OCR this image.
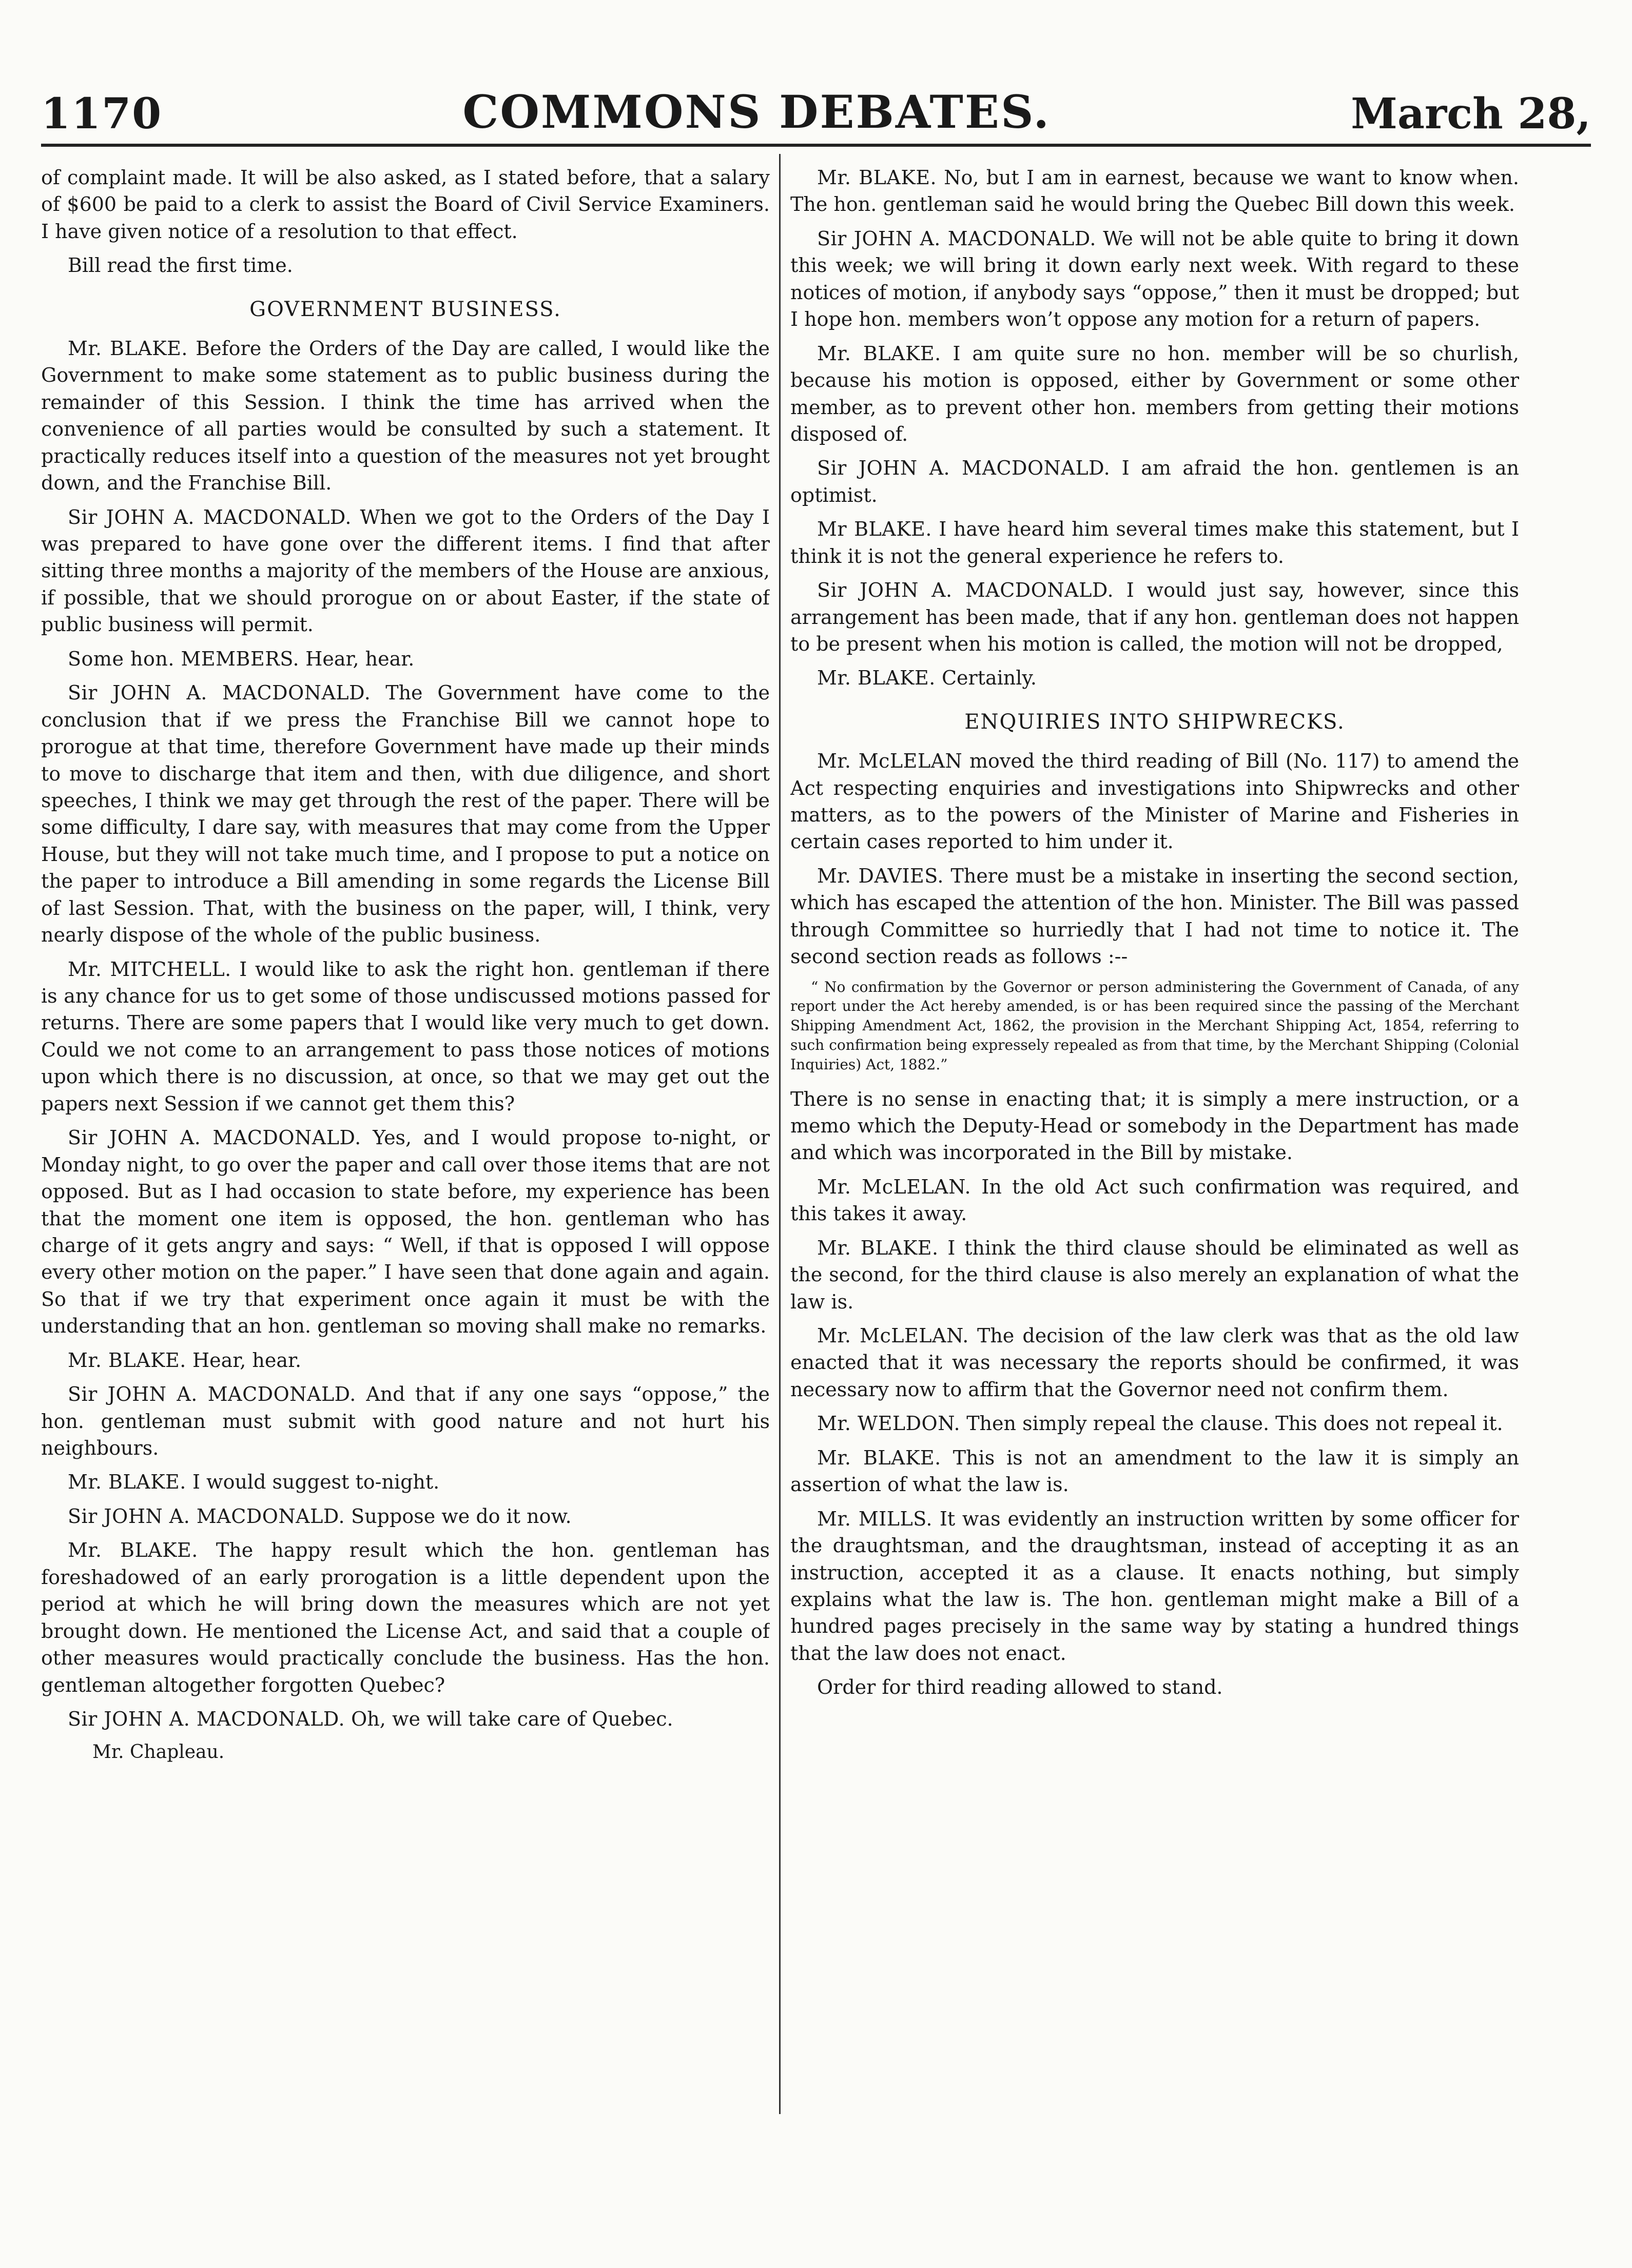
1170	COMMONS DEBATES.	March 28,

of complaint made. It will be also asked, as I stated before, that a salary of $600 be paid to a clerk to assist the Board of Civil Service Examiners. I have given notice of a resolution to that effect.

Bill read the first time.

GOVERNMENT BUSINESS.

Mr. BLAKE. Before the Orders of the Day are called, I would like the Government to make some statement as to public business during the remainder of this Session. I think the time has arrived when the convenience of all parties would be consulted by such a statement. It practically reduces itself into a question of the measures not yet brought down, and the Franchise Bill.

Sir JOHN A. MACDONALD. When we got to the Orders of the Day I was prepared to have gone over the different items. I find that after sitting three months a majority of the members of the House are anxious, if possible, that we should prorogue on or about Easter, if the state of public business will permit.

Some hon. MEMBERS. Hear, hear.

Sir JOHN A. MACDONALD. The Government have come to the conclusion that if we press the Franchise Bill we cannot hope to prorogue at that time, therefore Government have made up their minds to move to discharge that item and then, with due diligence, and short speeches, I think we may get through the rest of the paper. There will be some difficulty, I dare say, with measures that may come from the Upper House, but they will not take much time, and I propose to put a notice on the paper to introduce a Bill amending in some regards the License Bill of last Session. That, with the business on the paper, will, I think, very nearly dispose of the whole of the public business.

Mr. MITCHELL. I would like to ask the right hon. gentleman if there is any chance for us to get some of those undiscussed motions passed for returns. There are some papers that I would like very much to get down. Could we not come to an arrangement to pass those notices of motions upon which there is no discussion, at once, so that we may get out the papers next Session if we cannot get them this?

Sir JOHN A. MACDONALD. Yes, and I would propose to-night, or Monday night, to go over the paper and call over those items that are not opposed. But as I had occasion to state before, my experience has been that the moment one item is opposed, the hon. gentleman who has charge of it gets angry and says: “ Well, if that is opposed I will oppose every other motion on the paper.” I have seen that done again and again. So that if we try that experiment once again it must be with the understanding that an hon. gentleman so moving shall make no remarks.

Mr. BLAKE. Hear, hear.

Sir JOHN A. MACDONALD. And that if any one says “oppose,” the hon. gentleman must submit with good nature and not hurt his neighbours.

Mr. BLAKE. I would suggest to-night.

Sir JOHN A. MACDONALD. Suppose we do it now.

Mr. BLAKE. The happy result which the hon. gentleman has foreshadowed of an early prorogation is a little dependent upon the period at which he will bring down the measures which are not yet brought down. He mentioned the License Act, and said that a couple of other measures would practically conclude the business. Has the hon. gentleman altogether forgotten Quebec?

Sir JOHN A. MACDONALD. Oh, we will take care of Quebec.

Mr. Chapleau.

Mr. BLAKE. No, but I am in earnest, because we want to know when. The hon. gentleman said he would bring the Quebec Bill down this week.

Sir JOHN A. MACDONALD. We will not be able quite to bring it down this week; we will bring it down early next week. With regard to these notices of motion, if anybody says “oppose,” then it must be dropped; but I hope hon. members won’t oppose any motion for a return of papers.

Mr. BLAKE. I am quite sure no hon. member will be so churlish, because his motion is opposed, either by Government or some other member, as to prevent other hon. members from getting their motions disposed of.

Sir JOHN A. MACDONALD. I am afraid the hon. gentlemen is an optimist.

Mr BLAKE. I have heard him several times make this statement, but I think it is not the general experience he refers to.

Sir JOHN A. MACDONALD. I would just say, however, since this arrangement has been made, that if any hon. gentleman does not happen to be present when his motion is called, the motion will not be dropped,

Mr. BLAKE. Certainly.

ENQUIRIES INTO SHIPWRECKS.

Mr. McLELAN moved the third reading of Bill (No. 117) to amend the Act respecting enquiries and investigations into Shipwrecks and other matters, as to the powers of the Minister of Marine and Fisheries in certain cases reported to him under it.

Mr. DAVIES. There must be a mistake in inserting the second section, which has escaped the attention of the hon. Minister. The Bill was passed through Committee so hurriedly that I had not time to notice it. The second section reads as follows :--

“ No confirmation by the Governor or person administering the Government of Canada, of any report under the Act hereby amended, is or has been required since the passing of the Merchant Shipping Amendment Act, 1862, the provision in the Merchant Shipping Act, 1854, referring to such confirmation being expressely repealed as from that time, by the Merchant Shipping (Colonial Inquiries) Act, 1882.”

There is no sense in enacting that; it is simply a mere instruction, or a memo which the Deputy-Head or somebody in the Department has made and which was incorporated in the Bill by mistake.

Mr. McLELAN. In the old Act such confirmation was required, and this takes it away.

Mr. BLAKE. I think the third clause should be eliminated as well as the second, for the third clause is also merely an explanation of what the law is.

Mr. McLELAN. The decision of the law clerk was that as the old law enacted that it was necessary the reports should be confirmed, it was necessary now to affirm that the Governor need not confirm them.

Mr. WELDON. Then simply repeal the clause. This does not repeal it.

Mr. BLAKE. This is not an amendment to the law it is simply an assertion of what the law is.

Mr. MILLS. It was evidently an instruction written by some officer for the draughtsman, and the draughtsman, instead of accepting it as an instruction, accepted it as a clause. It enacts nothing, but simply explains what the law is. The hon. gentleman might make a Bill of a hundred pages precisely in the same way by stating a hundred things that the law does not enact.

Order for third reading allowed to stand.
